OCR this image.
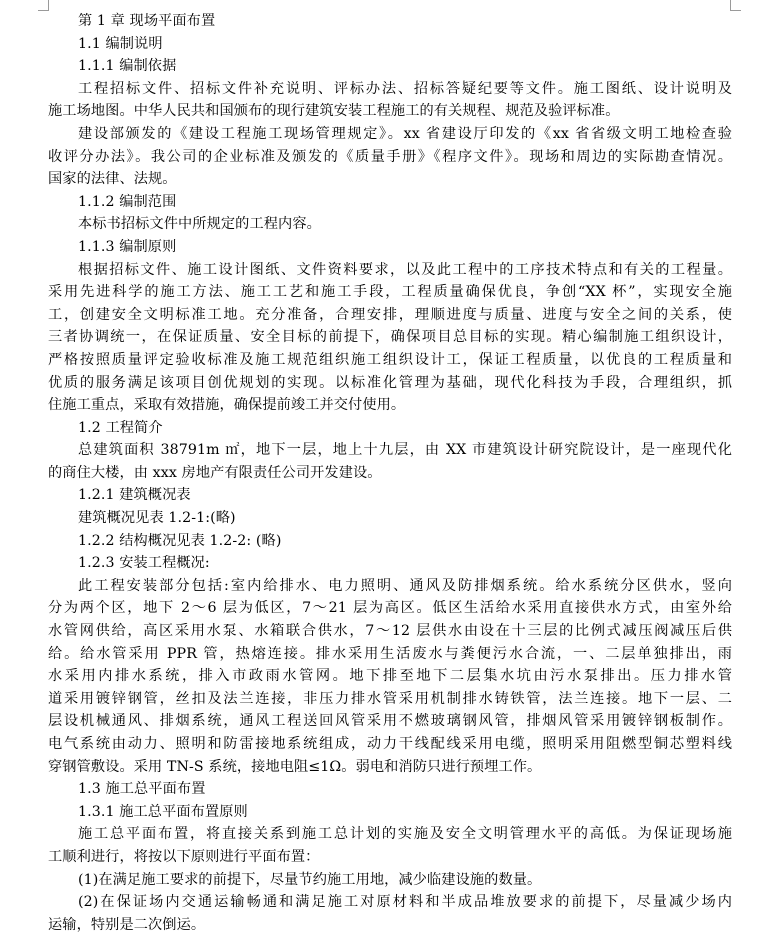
第 1 章 现场平面布置
1.1 编制说明
1.1.1 编制依据
工程招标文件、招标文件补充说明、评标办法、招标答疑纪要等文件。施工图纸、设计说明及
施工场地图。中华人民共和国颁布的现行建筑安装工程施工的有关规程、规范及验评标准。
建设部颁发的《建设工程施工现场管理规定》。xx 省建设厅印发的《xx 省省级文明工地检查验
收评分办法》。我公司的企业标准及颁发的《质量手册》《程序文件》。现场和周边的实际勘查情况。
国家的法律、法规。
1.1.2 编制范围
本标书招标文件中所规定的工程内容。
1.1.3 编制原则
根据招标文件、施工设计图纸、文件资料要求，以及此工程中的工序技术特点和有关的工程量。
采用先进科学的施工方法、施工工艺和施工手段，工程质量确保优良，争创“XX 杯”，实现安全施
工，创建安全文明标准工地。充分准备，合理安排，理顺进度与质量、进度与安全之间的关系，使
三者协调统一，在保证质量、安全目标的前提下，确保项目总目标的实现。精心编制施工组织设计，
严格按照质量评定验收标准及施工规范组织施工组织设计工，保证工程质量，以优良的工程质量和
优质的服务满足该项目创优规划的实现。以标准化管理为基础，现代化科技为手段，合理组织，抓
住施工重点，采取有效措施，确保提前竣工并交付使用。
1.2 工程简介
总建筑面积 38791m ㎡，地下一层，地上十九层，由 XX 市建筑设计研究院设计，是一座现代化
的商住大楼，由 xxx 房地产有限责任公司开发建设。
1.2.1 建筑概况表
建筑概况见表 1.2-1:(略)
1.2.2 结构概况见表 1.2-2: (略)
1.2.3 安装工程概况:
此工程安装部分包括:室内给排水、电力照明、通风及防排烟系统。给水系统分区供水，竖向
分为两个区，地下 2～6 层为低区，7～21 层为高区。低区生活给水采用直接供水方式，由室外给
水管网供给，高区采用水泵、水箱联合供水，7～12 层供水由设在十三层的比例式减压阀减压后供
给。给水管采用 PPR 管，热熔连接。排水采用生活废水与粪便污水合流，一、二层单独排出，雨
水采用内排水系统，排入市政雨水管网。地下排至地下二层集水坑由污水泵排出。压力排水管
道采用镀锌钢管，丝扣及法兰连接，非压力排水管采用机制排水铸铁管，法兰连接。地下一层、二
层设机械通风、排烟系统，通风工程送回风管采用不燃玻璃钢风管，排烟风管采用镀锌钢板制作。
电气系统由动力、照明和防雷接地系统组成，动力干线配线采用电缆，照明采用阻燃型铜芯塑料线
穿钢管敷设。采用 TN-S 系统，接地电阻≤1Ω。弱电和消防只进行预埋工作。
1.3 施工总平面布置
1.3.1 施工总平面布置原则
施工总平面布置，将直接关系到施工总计划的实施及安全文明管理水平的高低。为保证现场施
工顺利进行，将按以下原则进行平面布置：
(1)在满足施工要求的前提下，尽量节约施工用地，减少临建设施的数量。
(2)在保证场内交通运输畅通和满足施工对原材料和半成品堆放要求的前提下，尽量减少场内
运输，特别是二次倒运。
